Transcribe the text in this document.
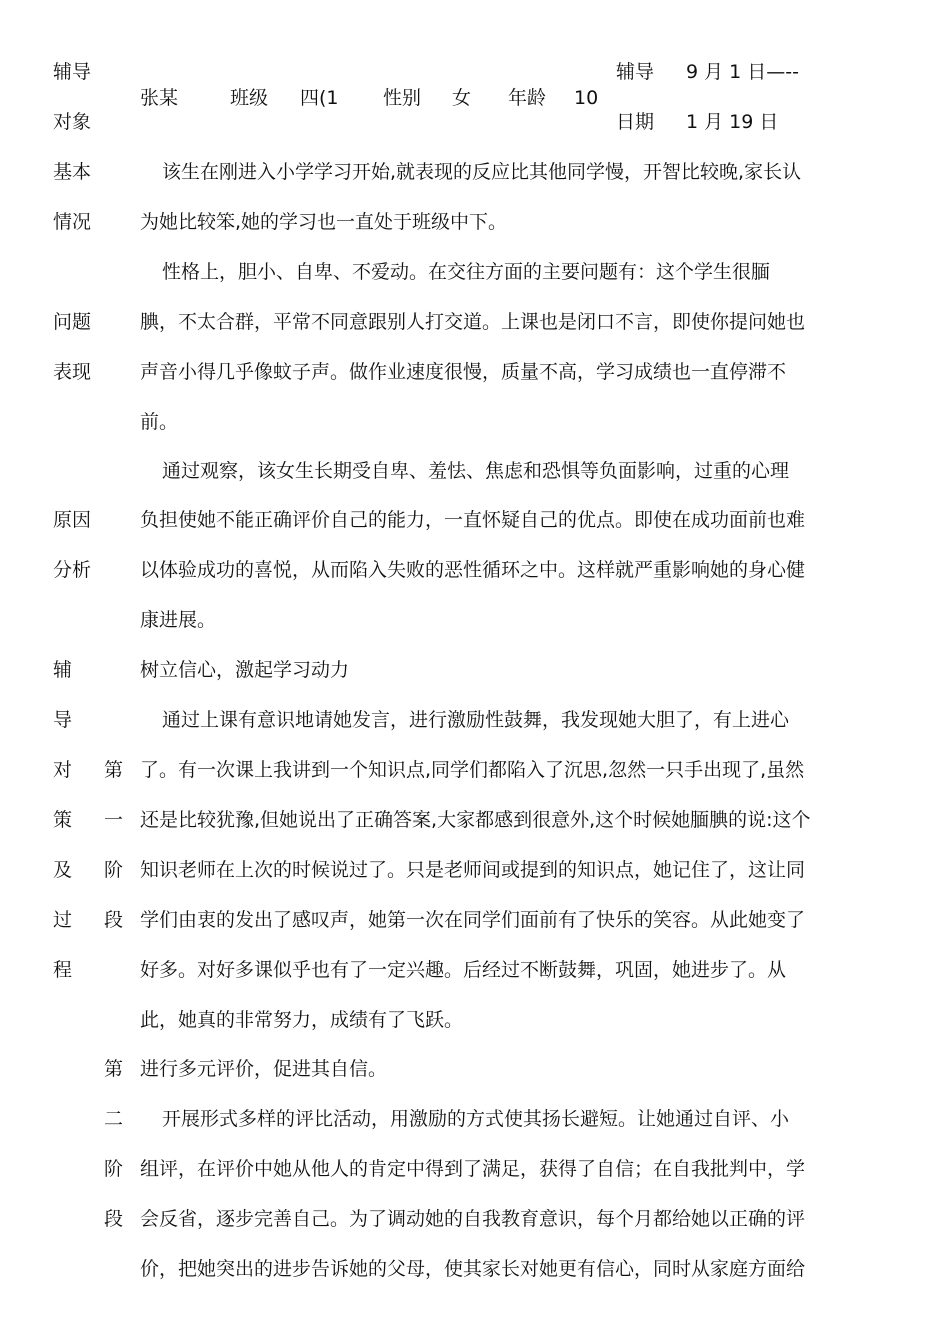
辅导
对象
张某	班级 四(1 性别 女 年龄 10
辅导
日期
9 月 1 日—--
1 月 19 日
基本
情况
该生在刚进入小学学习开始,就表现的反应比其他同学慢，开智比较晚,家长认
为她比较笨,她的学习也一直处于班级中下。
问题
表现
性格上，胆小、自卑、不爱动。在交往方面的主要问题有：这个学生很腼
腆，不太合群，平常不同意跟别人打交道。上课也是闭口不言，即使你提问她也
声音小得几乎像蚊子声。做作业速度很慢，质量不高，学习成绩也一直停滞不
前。
原因
分析
通过观察，该女生长期受自卑、羞怯、焦虑和恐惧等负面影响，过重的心理
负担使她不能正确评价自己的能力，一直怀疑自己的优点。即使在成功面前也难
以体验成功的喜悦，从而陷入失败的恶性循环之中。这样就严重影响她的身心健
康进展。
辅
导
对
策
及
过
程
第
一
阶
段
树立信心，激起学习动力
通过上课有意识地请她发言，进行激励性鼓舞，我发现她大胆了，有上进心
了。有一次课上我讲到一个知识点,同学们都陷入了沉思,忽然一只手出现了,虽然
还是比较犹豫,但她说出了正确答案,大家都感到很意外,这个时候她腼腆的说:这个
知识老师在上次的时候说过了。只是老师间或提到的知识点，她记住了，这让同
学们由衷的发出了感叹声，她第一次在同学们面前有了快乐的笑容。从此她变了
好多。对好多课似乎也有了一定兴趣。后经过不断鼓舞，巩固，她进步了。从
此，她真的非常努力，成绩有了飞跃。
第
二
阶
段
进行多元评价，促进其自信。
开展形式多样的评比活动，用激励的方式使其扬长避短。让她通过自评、小
组评，在评价中她从他人的肯定中得到了满足，获得了自信；在自我批判中，学
会反省，逐步完善自己。为了调动她的自我教育意识，每个月都给她以正确的评
价，把她突出的进步告诉她的父母，使其家长对她更有信心，同时从家庭方面给
